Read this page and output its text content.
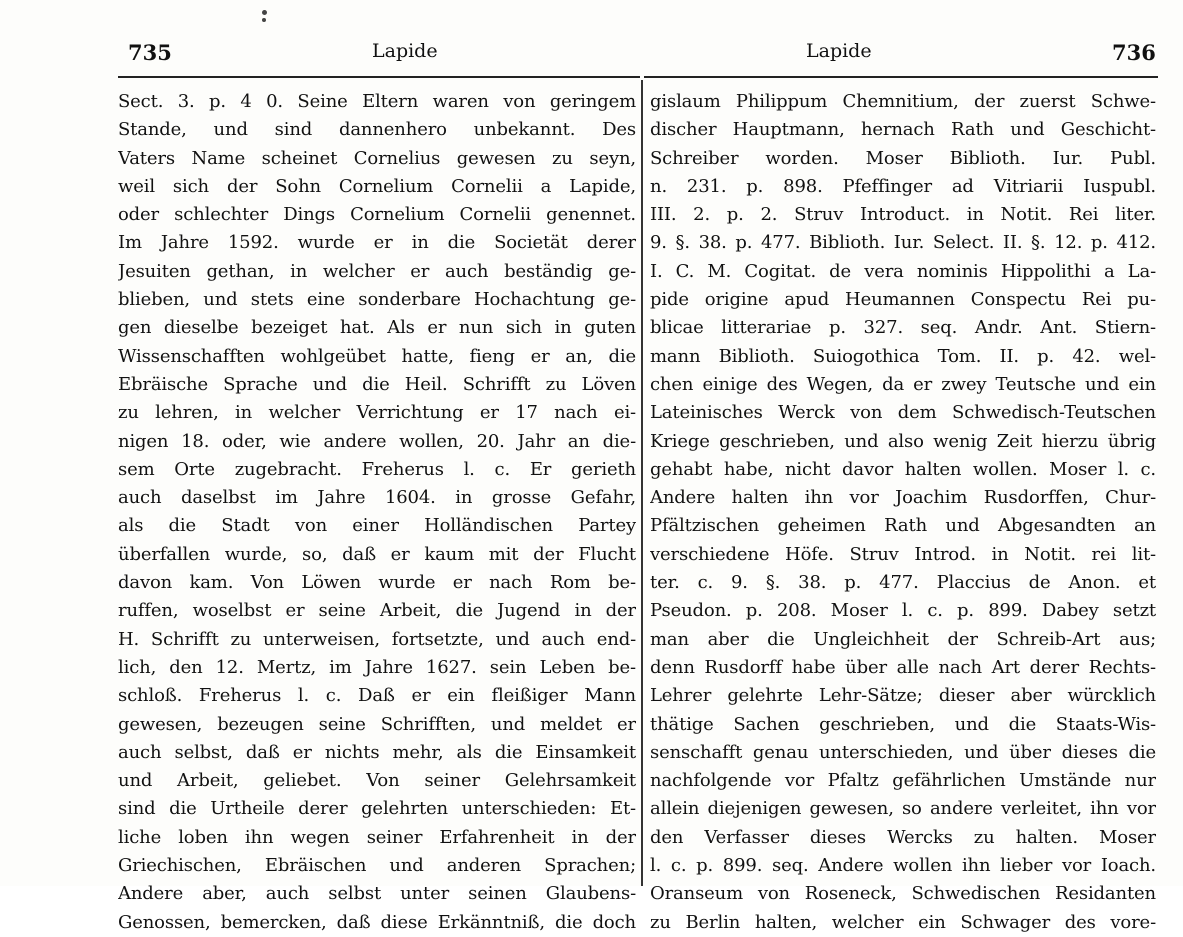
735	Lapide	Lapide	736
Sect. 3. p. 4 0. Seine Eltern waren von geringem
Stande, und sind dannenhero unbekannt. Des
Vaters Name scheinet Cornelius gewesen zu seyn,
weil sich der Sohn Cornelium Cornelii a Lapide,
oder schlechter Dings Cornelium Cornelii genennet.
Im Jahre 1592. wurde er in die Societät derer
Jesuiten gethan, in welcher er auch beständig ge-
blieben, und stets eine sonderbare Hochachtung ge-
gen dieselbe bezeiget hat. Als er nun sich in guten
Wissenschafften wohlgeübet hatte, fieng er an, die
Ebräische Sprache und die Heil. Schrifft zu Löven
zu lehren, in welcher Verrichtung er 17 nach ei-
nigen 18. oder, wie andere wollen, 20. Jahr an die-
sem Orte zugebracht. Freherus l. c. Er gerieth
auch daselbst im Jahre 1604. in grosse Gefahr,
als die Stadt von einer Holländischen Partey
überfallen wurde, so, daß er kaum mit der Flucht
davon kam. Von Löwen wurde er nach Rom be-
ruffen, woselbst er seine Arbeit, die Jugend in der
H. Schrifft zu unterweisen, fortsetzte, und auch end-
lich, den 12. Mertz, im Jahre 1627. sein Leben be-
schloß. Freherus l. c. Daß er ein fleißiger Mann
gewesen, bezeugen seine Schrifften, und meldet er
auch selbst, daß er nichts mehr, als die Einsamkeit
und Arbeit, geliebet. Von seiner Gelehrsamkeit
sind die Urtheile derer gelehrten unterschieden: Et-
liche loben ihn wegen seiner Erfahrenheit in der
Griechischen, Ebräischen und anderen Sprachen;
Andere aber, auch selbst unter seinen Glaubens-
Genossen, bemercken, daß diese Erkänntniß, die doch
gislaum Philippum Chemnitium, der zuerst Schwe-
discher Hauptmann, hernach Rath und Geschicht-
Schreiber worden. Moser Biblioth. Iur. Publ.
n. 231. p. 898. Pfeffinger ad Vitriarii Iuspubl.
III. 2. p. 2. Struv Introduct. in Notit. Rei liter.
9. §. 38. p. 477. Biblioth. Iur. Select. II. §. 12. p. 412.
I. C. M. Cogitat. de vera nominis Hippolithi a La-
pide origine apud Heumannen Conspectu Rei pu-
blicae litterariae p. 327. seq. Andr. Ant. Stiern-
mann Biblioth. Suiogothica Tom. II. p. 42. wel-
chen einige des Wegen, da er zwey Teutsche und ein
Lateinisches Werck von dem Schwedisch-Teutschen
Kriege geschrieben, und also wenig Zeit hierzu übrig
gehabt habe, nicht davor halten wollen. Moser l. c.
Andere halten ihn vor Joachim Rusdorffen, Chur-
Pfältzischen geheimen Rath und Abgesandten an
verschiedene Höfe. Struv Introd. in Notit. rei lit-
ter. c. 9. §. 38. p. 477. Placcius de Anon. et
Pseudon. p. 208. Moser l. c. p. 899. Dabey setzt
man aber die Ungleichheit der Schreib-Art aus;
denn Rusdorff habe über alle nach Art derer Rechts-
Lehrer gelehrte Lehr-Sätze; dieser aber würcklich
thätige Sachen geschrieben, und die Staats-Wis-
senschafft genau unterschieden, und über dieses die
nachfolgende vor Pfaltz gefährlichen Umstände nur
allein diejenigen gewesen, so andere verleitet, ihn vor
den Verfasser dieses Wercks zu halten. Moser
l. c. p. 899. seq. Andere wollen ihn lieber vor Ioach.
Oranseum von Roseneck, Schwedischen Residanten
zu Berlin halten, welcher ein Schwager des vore-
